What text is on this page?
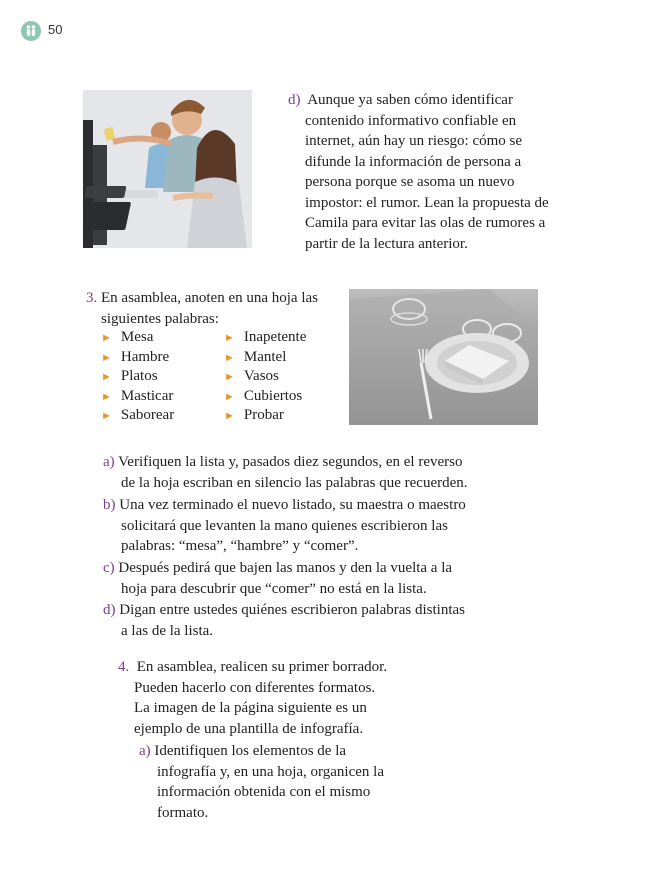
50
d) Aunque ya saben cómo identificar
contenido informativo confiable en
internet, aún hay un riesgo: cómo se
difunde la información de persona a
persona porque se asoma un nuevo
impostor: el rumor. Lean la propuesta de
Camila para evitar las olas de rumores a
partir de la lectura anterior.
3. En asamblea, anoten en una hoja las
siguientes palabras:
► Mesa
► Hambre
► Platos
► Masticar
► Saborear
► Inapetente
► Mantel
► Vasos
► Cubiertos
► Probar
a) Verifiquen la lista y, pasados diez segundos, en el reverso
de la hoja escriban en silencio las palabras que recuerden.
b) Una vez terminado el nuevo listado, su maestra o maestro
solicitará que levanten la mano quienes escribieron las
palabras: “mesa”, “hambre” y “comer”.
c) Después pedirá que bajen las manos y den la vuelta a la
hoja para descubrir que “comer” no está en la lista.
d) Digan entre ustedes quiénes escribieron palabras distintas
a las de la lista.
4. En asamblea, realicen su primer borrador.
Pueden hacerlo con diferentes formatos.
La imagen de la página siguiente es un
ejemplo de una plantilla de infografía.
a) Identifiquen los elementos de la
infografía y, en una hoja, organicen la
información obtenida con el mismo
formato.
